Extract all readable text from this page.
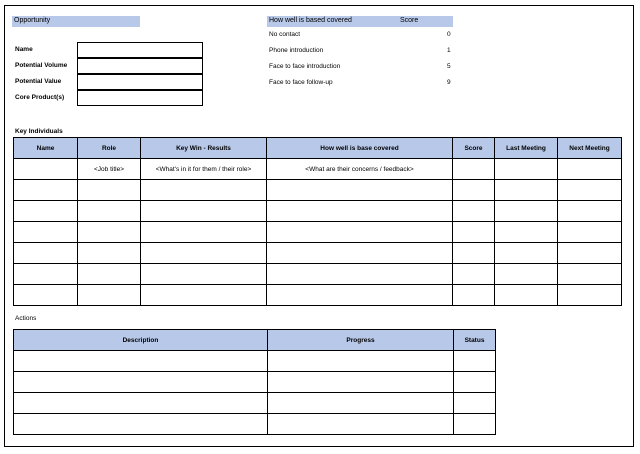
Opportunity
Name
Potential Volume
Potential Value
Core Product(s)
How well is based covered	Score
No contact	0
Phone introduction	1
Face to face introduction	5
Face to face follow-up	9
Key Individuals
Name	Role	Key Win - Results	How well is base covered	Score	Last Meeting	Next Meeting
	<Job title>	<What's in it for them / their role>	<What are their concerns / feedback>			

Actions
Description	Progress	Status
